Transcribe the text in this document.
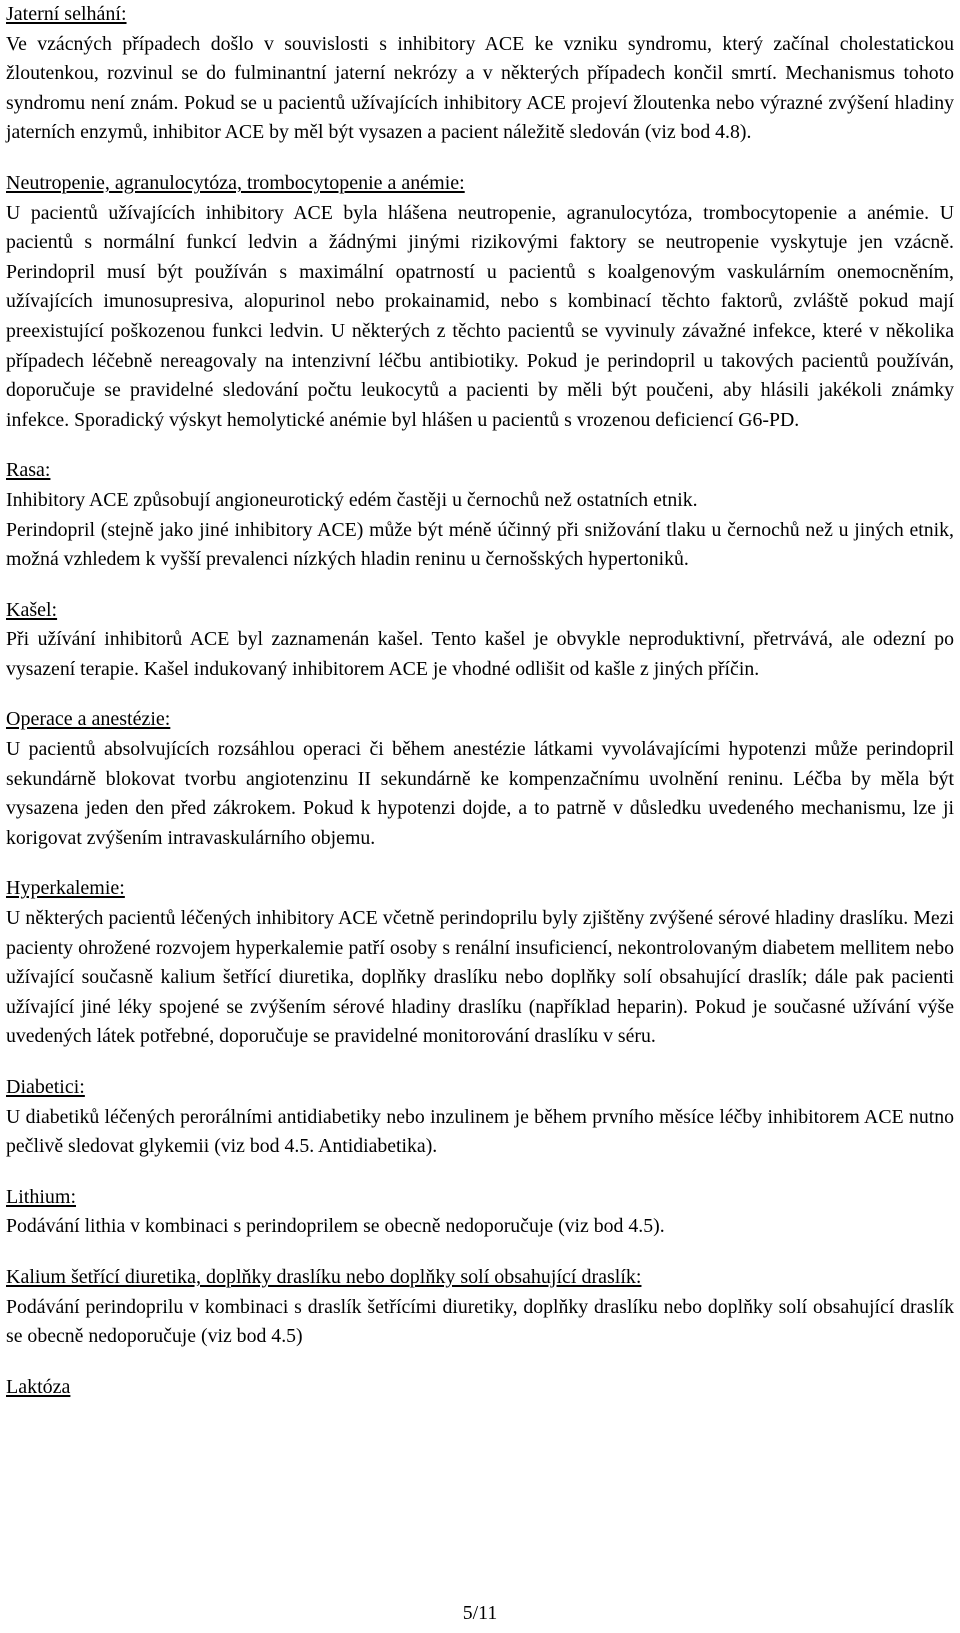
Jaterní selhání:

Ve vzácných případech došlo v souvislosti s inhibitory ACE ke vzniku syndromu, který začínal cholestatickou žloutenkou, rozvinul se do fulminantní jaterní nekrózy a v některých případech končil smrtí. Mechanismus tohoto syndromu není znám. Pokud se u pacientů užívajících inhibitory ACE projeví žloutenka nebo výrazné zvýšení hladiny jaterních enzymů, inhibitor ACE by měl být vysazen a pacient náležitě sledován (viz bod 4.8).

Neutropenie, agranulocytóza, trombocytopenie a anémie:

U pacientů užívajících inhibitory ACE byla hlášena neutropenie, agranulocytóza, trombocytopenie a anémie. U pacientů s normální funkcí ledvin a žádnými jinými rizikovými faktory se neutropenie vyskytuje jen vzácně. Perindopril musí být používán s maximální opatrností u pacientů s koalgenovým vaskulárním onemocněním, užívajících imunosupresiva, alopurinol nebo prokainamid, nebo s kombinací těchto faktorů, zvláště pokud mají preexistující poškozenou funkci ledvin. U některých z těchto pacientů se vyvinuly závažné infekce, které v několika případech léčebně nereagovaly na intenzivní léčbu antibiotiky. Pokud je perindopril u takových pacientů používán, doporučuje se pravidelné sledování počtu leukocytů a pacienti by měli být poučeni, aby hlásili jakékoli známky infekce. Sporadický výskyt hemolytické anémie byl hlášen u pacientů s vrozenou deficiencí G6-PD.

Rasa:

Inhibitory ACE způsobují angioneurotický edém častěji u černochů než ostatních etnik.

Perindopril (stejně jako jiné inhibitory ACE) může být méně účinný při snižování tlaku u černochů než u jiných etnik, možná vzhledem k vyšší prevalenci nízkých hladin reninu u černošských hypertoniků.

Kašel:

Při užívání inhibitorů ACE byl zaznamenán kašel. Tento kašel je obvykle neproduktivní, přetrvává, ale odezní po vysazení terapie. Kašel indukovaný inhibitorem ACE je vhodné odlišit od kašle z jiných příčin.

Operace a anestézie:

U pacientů absolvujících rozsáhlou operaci či během anestézie látkami vyvolávajícími hypotenzi může perindopril sekundárně blokovat tvorbu angiotenzinu II sekundárně ke kompenzačnímu uvolnění reninu. Léčba by měla být vysazena jeden den před zákrokem. Pokud k hypotenzi dojde, a to patrně v důsledku uvedeného mechanismu, lze ji korigovat zvýšením intravaskulárního objemu.

Hyperkalemie:

U některých pacientů léčených inhibitory ACE včetně perindoprilu byly zjištěny zvýšené sérové hladiny draslíku. Mezi pacienty ohrožené rozvojem hyperkalemie patří osoby s renální insuficiencí, nekontrolovaným diabetem mellitem nebo užívající současně kalium šetřící diuretika, doplňky draslíku nebo doplňky solí obsahující draslík; dále pak pacienti užívající jiné léky spojené se zvýšením sérové hladiny draslíku (například heparin). Pokud je současné užívání výše uvedených látek potřebné, doporučuje se pravidelné monitorování draslíku v séru.

Diabetici:

U diabetiků léčených perorálními antidiabetiky nebo inzulinem je během prvního měsíce léčby inhibitorem ACE nutno pečlivě sledovat glykemii (viz bod 4.5. Antidiabetika).

Lithium:

Podávání lithia v kombinaci s perindoprilem se obecně nedoporučuje (viz bod 4.5).

Kalium šetřící diuretika, doplňky draslíku nebo doplňky solí obsahující draslík:

Podávání perindoprilu v kombinaci s draslík šetřícími diuretiky, doplňky draslíku nebo doplňky solí obsahující draslík se obecně nedoporučuje (viz bod 4.5)

Laktóza
5/11
